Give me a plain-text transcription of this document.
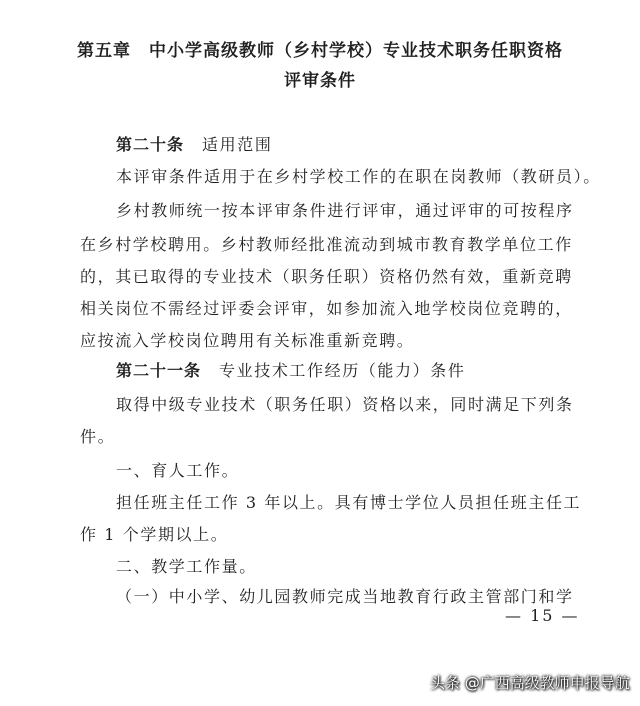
第五章　中小学高级教师（乡村学校）专业技术职务任职资格
评审条件
第二十条 适用范围
本评审条件适用于在乡村学校工作的在职在岗教师（教研员）。
乡村教师统一按本评审条件进行评审，通过评审的可按程序
在乡村学校聘用。乡村教师经批准流动到城市教育教学单位工作
的，其已取得的专业技术（职务任职）资格仍然有效，重新竞聘
相关岗位不需经过评委会评审，如参加流入地学校岗位竞聘的，
应按流入学校岗位聘用有关标准重新竞聘。
第二十一条 专业技术工作经历（能力）条件
取得中级专业技术（职务任职）资格以来，同时满足下列条
件。
一、育人工作。
担任班主任工作 3 年以上。具有博士学位人员担任班主任工
作 1 个学期以上。
二、教学工作量。
（一）中小学、幼儿园教师完成当地教育行政主管部门和学
— 15 —
头条 @广西高级教师申报导航
